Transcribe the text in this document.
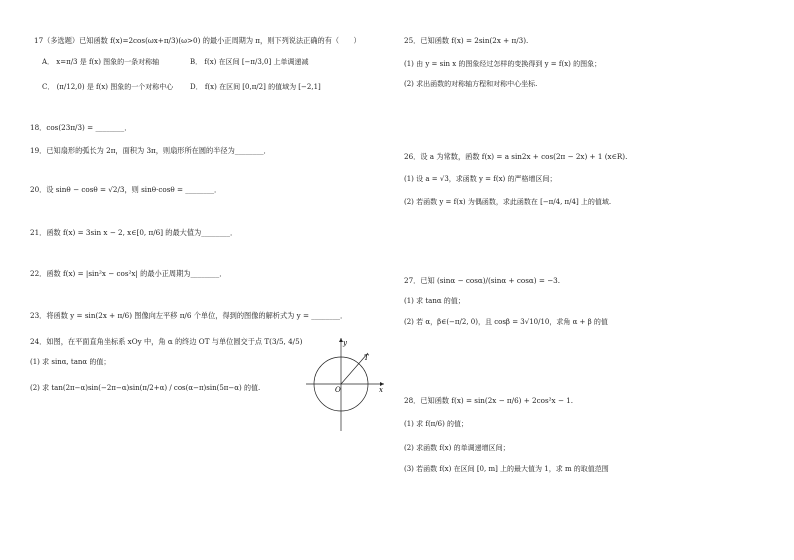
17（多选题）已知函数 f(x)=2cos(ωx+π/3)(ω>0) 的最小正周期为 π，则下列说法正确的有（　　）
A． x=π/3 是 f(x) 图象的一条对称轴	B． f(x) 在区间 [−π/3,0] 上单调递减
C． (π/12,0) 是 f(x) 图象的一个对称中心 D． f(x) 在区间 [0,π/2] 的值域为 [−2,1]
18．cos(23π/3) = ________．
19．已知扇形的弧长为 2π，面积为 3π，则扇形所在圆的半径为________．
20．设 sinθ − cosθ = √2/3，则 sinθ·cosθ = ________．
21．函数 f(x) = 3sin x − 2, x∈[0, π/6] 的最大值为________．
22．函数 f(x) = |sin²x − cos²x| 的最小正周期为________．
23．将函数 y = sin(2x + π/6) 图像向左平移 π/6 个单位，得到的图像的解析式为 y = ________．
24．如图，在平面直角坐标系 xOy 中，角 α 的终边 OT 与单位圆交于点 T(3/5, 4/5)
(1) 求 sinα, tanα 的值；
(2) 求 tan(2π−α)sin(−2π−α)sin(π/2+α) / cos(α−π)sin(5π−α) 的值.
y
x
O
T
25．已知函数 f(x) = 2sin(2x + π/3).
(1) 由 y = sin x 的图象经过怎样的变换得到 y = f(x) 的图象；
(2) 求出函数的对称轴方程和对称中心坐标.
26．设 a 为常数，函数 f(x) = a sin2x + cos(2π − 2x) + 1 (x∈R).
(1) 设 a = √3，求函数 y = f(x) 的严格增区间；
(2) 若函数 y = f(x) 为偶函数，求此函数在 [−π/4, π/4] 上的值域.
27．已知 (sinα − cosα)/(sinα + cosα) = −3.
(1) 求 tanα 的值；
(2) 若 α，β∈(−π/2, 0)，且 cosβ = 3√10/10，求角 α + β 的值
28．已知函数 f(x) = sin(2x − π/6) + 2cos²x − 1.
(1) 求 f(π/6) 的值；
(2) 求函数 f(x) 的单调递增区间；
(3) 若函数 f(x) 在区间 [0, m] 上的最大值为 1，求 m 的取值范围
